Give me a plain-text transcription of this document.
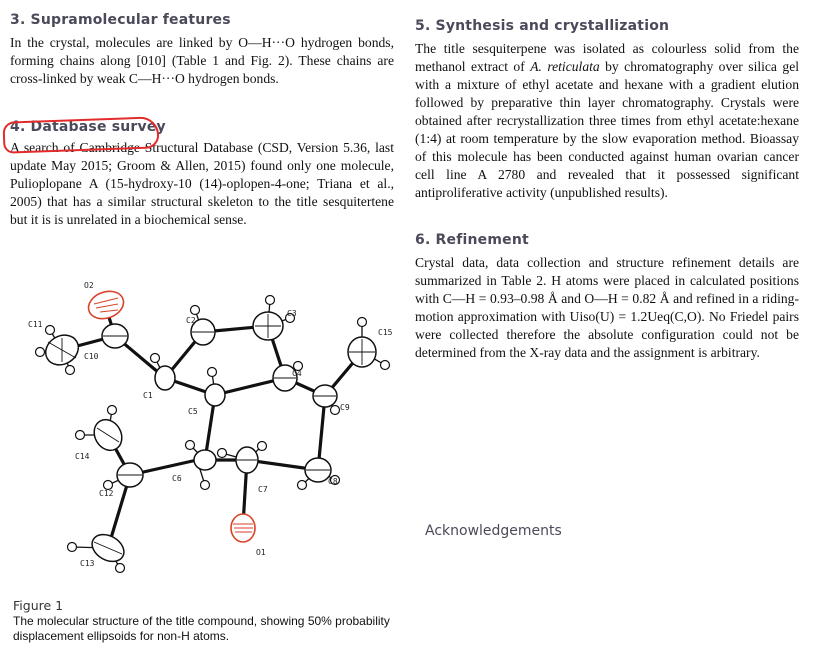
3. Supramolecular features

In the crystal, molecules are linked by O—H···O hydrogen bonds, forming chains along [010] (Table 1 and Fig. 2). These chains are cross-linked by weak C—H···O hydrogen bonds.

4. Database survey

A search of Cambridge Structural Database (CSD, Version 5.36, last update May 2015; Groom & Allen, 2015) found only one molecule, Pulioplopane A (15-hydroxy-10 (14)-oplopen-4-one; Triana et al., 2005) that has a similar structural skeleton to the title sesquitertene but it is is unrelated in a biochemical sense.

O2
C11
C10
C2
C3
C15
C4
C1
C5	C9
C14
C6	C8
C7
C12
O1
C13
Figure 1
The molecular structure of the title compound, showing 50% probability displacement ellipsoids for non-H atoms.
5. Synthesis and crystallization

The title sesquiterpene was isolated as colourless solid from the methanol extract of A. reticulata by chromatography over silica gel with a mixture of ethyl acetate and hexane with a gradient elution followed by preparative thin layer chromatography. Crystals were obtained after recrystallization three times from ethyl acetate:hexane (1:4) at room temperature by the slow evaporation method. Bioassay of this molecule has been conducted against human ovarian cancer cell line A 2780 and revealed that it possessed significant antiproliferative activity (unpublished results).

6. Refinement

Crystal data, data collection and structure refinement details are summarized in Table 2. H atoms were placed in calculated positions with C—H = 0.93–0.98 Å and O—H = 0.82 Å and refined in a riding-motion approximation with Uiso(U) = 1.2Ueq(C,O). No Friedel pairs were collected therefore the absolute configuration could not be determined from the X-ray data and the assignment is arbitrary.

Acknowledgements
